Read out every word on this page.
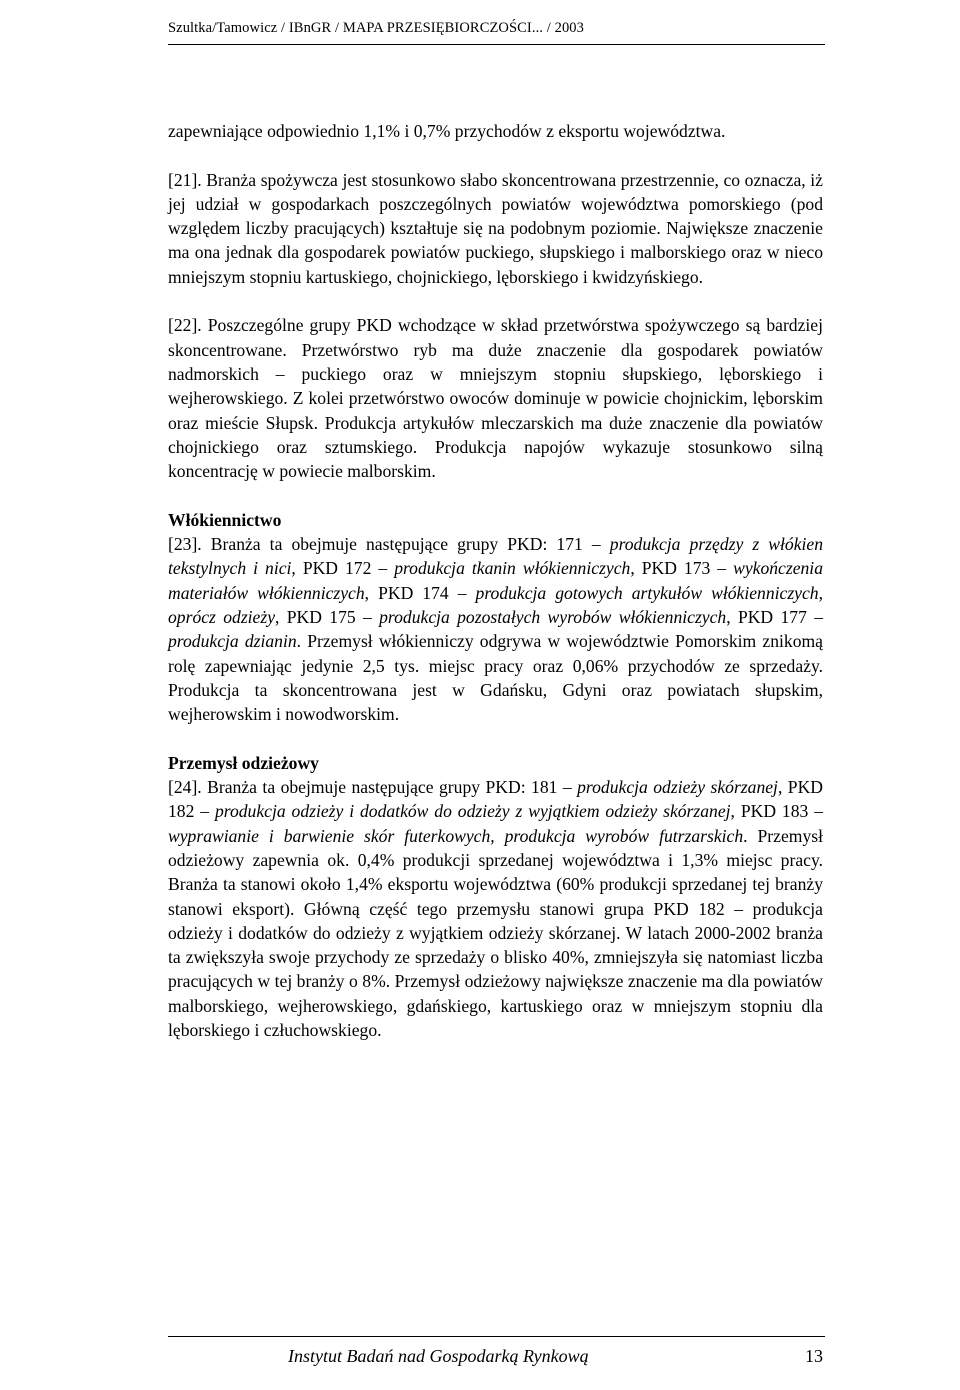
Szultka/Tamowicz / IBnGR / MAPA PRZESIĘBIORCZOŚCI... / 2003

zapewniające odpowiednio 1,1% i 0,7% przychodów z eksportu województwa.

[21]. Branża spożywcza jest stosunkowo słabo skoncentrowana przestrzennie, co oznacza, iż jej udział w gospodarkach poszczególnych powiatów województwa pomorskiego (pod względem liczby pracujących) kształtuje się na podobnym poziomie. Największe znaczenie ma ona jednak dla gospodarek powiatów puckiego, słupskiego i malborskiego oraz w nieco mniejszym stopniu kartuskiego, chojnickiego, lęborskiego i kwidzyńskiego.

[22]. Poszczególne grupy PKD wchodzące w skład przetwórstwa spożywczego są bardziej skoncentrowane. Przetwórstwo ryb ma duże znaczenie dla gospodarek powiatów nadmorskich – puckiego oraz w mniejszym stopniu słupskiego, lęborskiego i wejherowskiego. Z kolei przetwórstwo owoców dominuje w powicie chojnickim, lęborskim oraz mieście Słupsk. Produkcja artykułów mleczarskich ma duże znaczenie dla powiatów chojnickiego oraz sztumskiego. Produkcja napojów wykazuje stosunkowo silną koncentrację w powiecie malborskim.

Włókiennictwo

[23]. Branża ta obejmuje następujące grupy PKD: 171 – produkcja przędzy z włókien tekstylnych i nici, PKD 172 – produkcja tkanin włókienniczych, PKD 173 – wykończenia materiałów włókienniczych, PKD 174 – produkcja gotowych artykułów włókienniczych, oprócz odzieży, PKD 175 – produkcja pozostałych wyrobów włókienniczych, PKD 177 – produkcja dzianin. Przemysł włókienniczy odgrywa w województwie Pomorskim znikomą rolę zapewniając jedynie 2,5 tys. miejsc pracy oraz 0,06% przychodów ze sprzedaży. Produkcja ta skoncentrowana jest w Gdańsku, Gdyni oraz powiatach słupskim, wejherowskim i nowodworskim.

Przemysł odzieżowy

[24]. Branża ta obejmuje następujące grupy PKD: 181 – produkcja odzieży skórzanej, PKD 182 – produkcja odzieży i dodatków do odzieży z wyjątkiem odzieży skórzanej, PKD 183 – wyprawianie i barwienie skór futerkowych, produkcja wyrobów futrzarskich. Przemysł odzieżowy zapewnia ok. 0,4% produkcji sprzedanej województwa i 1,3% miejsc pracy. Branża ta stanowi około 1,4% eksportu województwa (60% produkcji sprzedanej tej branży stanowi eksport). Główną część tego przemysłu stanowi grupa PKD 182 – produkcja odzieży i dodatków do odzieży z wyjątkiem odzieży skórzanej. W latach 2000-2002 branża ta zwiększyła swoje przychody ze sprzedaży o blisko 40%, zmniejszyła się natomiast liczba pracujących w tej branży o 8%. Przemysł odzieżowy największe znaczenie ma dla powiatów malborskiego, wejherowskiego, gdańskiego, kartuskiego oraz w mniejszym stopniu dla lęborskiego i człuchowskiego.

Instytut Badań nad Gospodarką Rynkową	13
